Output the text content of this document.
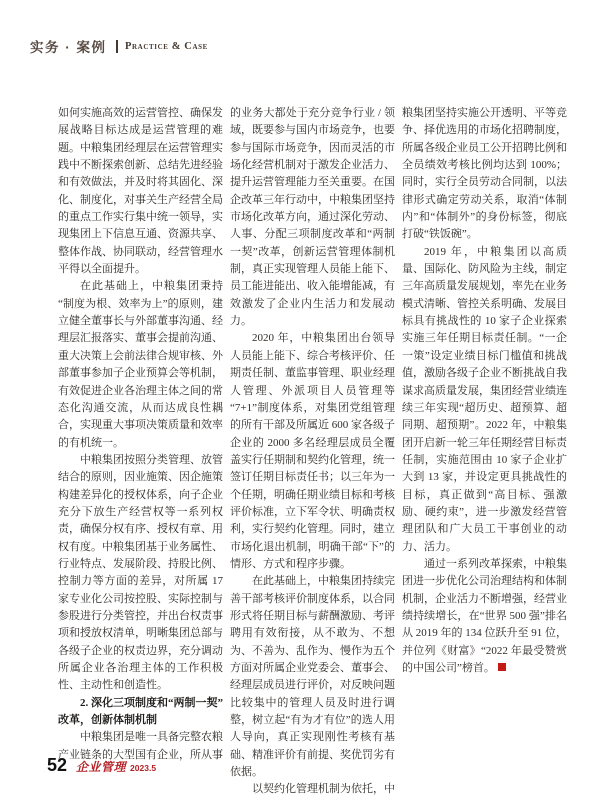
实务 · 案例 Practice & Case

如何实施高效的运营管控、确保发展战略目标达成是运营管理的难题。中粮集团经理层在运营管理实践中不断探索创新、总结先进经验和有效做法，并及时将其固化、深化、制度化，对事关生产经营全局的重点工作实行集中统一领导，实现集团上下信息互通、资源共享、整体作战、协同联动，经营管理水平得以全面提升。

在此基础上，中粮集团秉持“制度为根、效率为上”的原则，建立健全董事长与外部董事沟通、经理层汇报落实、董事会提前沟通、重大决策上会前法律合规审核、外部董事参加子企业预算会等机制，有效促进企业各治理主体之间的常态化沟通交流，从而达成良性耦合，实现重大事项决策质量和效率的有机统一。

中粮集团按照分类管理、放管结合的原则，因业施策、因企施策构建差异化的授权体系，向子企业充分下放生产经营权等一系列权责，确保分权有序、授权有章、用权有度。中粮集团基于业务属性、行业特点、发展阶段、持股比例、控制力等方面的差异，对所属 17 家专业化公司按控股、实际控制与参股进行分类管控，并出台权责事项和授放权清单，明晰集团总部与各级子企业的权责边界，充分调动所属企业各治理主体的工作积极性、主动性和创造性。

2. 深化三项制度和“两制一契”改革，创新体制机制

中粮集团是唯一具备完整农粮产业链条的大型国有企业，所从事

的业务大都处于充分竞争行业 / 领域，既要参与国内市场竞争，也要参与国际市场竞争，因而灵活的市场化经营机制对于激发企业活力、提升运营管理能力至关重要。在国企改革三年行动中，中粮集团坚持市场化改革方向，通过深化劳动、人事、分配三项制度改革和“两制一契”改革，创新运营管理体制机制，真正实现管理人员能上能下、员工能进能出、收入能增能减，有效激发了企业内生活力和发展动力。

2020 年，中粮集团出台领导人员能上能下、综合考核评价、任期责任制、董监事管理、职业经理人管理、外派项目人员管理等“7+1”制度体系，对集团党组管理的所有干部及所属近 600 家各级子企业的 2000 多名经理层成员全覆盖实行任期制和契约化管理，统一签订任期目标责任书；以三年为一个任期，明确任期业绩目标和考核评价标准，立下军令状、明确责权利，实行契约化管理。同时，建立市场化退出机制，明确干部“下”的情形、方式和程序步骤。

在此基础上，中粮集团持续完善干部考核评价制度体系，以合同形式将任期目标与薪酬激励、考评聘用有效衔接，从不敢为、不想为、不善为、乱作为、慢作为五个方面对所属企业党委会、董事会、经理层成员进行评价，对反映问题比较集中的管理人员及时进行调整，树立起“有为才有位”的选人用人导向，真正实现刚性考核有基础、精准评价有前提、奖优罚劣有依据。

以契约化管理机制为依托，中

粮集团坚持实施公开透明、平等竞争、择优选用的市场化招聘制度，所属各级企业员工公开招聘比例和全员绩效考核比例均达到 100%；同时，实行全员劳动合同制，以法律形式确定劳动关系，取消“体制内”和“体制外”的身份标签，彻底打破“铁饭碗”。

2019 年，中粮集团以高质量、国际化、防风险为主线，制定三年高质量发展规划，率先在业务模式清晰、管控关系明确、发展目标具有挑战性的 10 家子企业探索实施三年任期目标责任制。“一企一策”设定业绩目标门槛值和挑战值，激励各级子企业不断挑战自我谋求高质量发展，集团经营业绩连续三年实现“超历史、超预算、超同期、超预期”。2022 年，中粮集团开启新一轮三年任期经营目标责任制，实施范围由 10 家子企业扩大到 13 家，并设定更具挑战性的目标，真正做到“高目标、强激励、硬约束”，进一步激发经营管理团队和广大员工干事创业的动力、活力。

通过一系列改革探索，中粮集团进一步优化公司治理结构和体制机制，企业活力不断增强，经营业绩持续增长，在“世界 500 强”排名从 2019 年的 134 位跃升至 91 位，并位列《财富》“2022 年最受赞赏的中国公司”榜首。

52 企业管理 2023.5
